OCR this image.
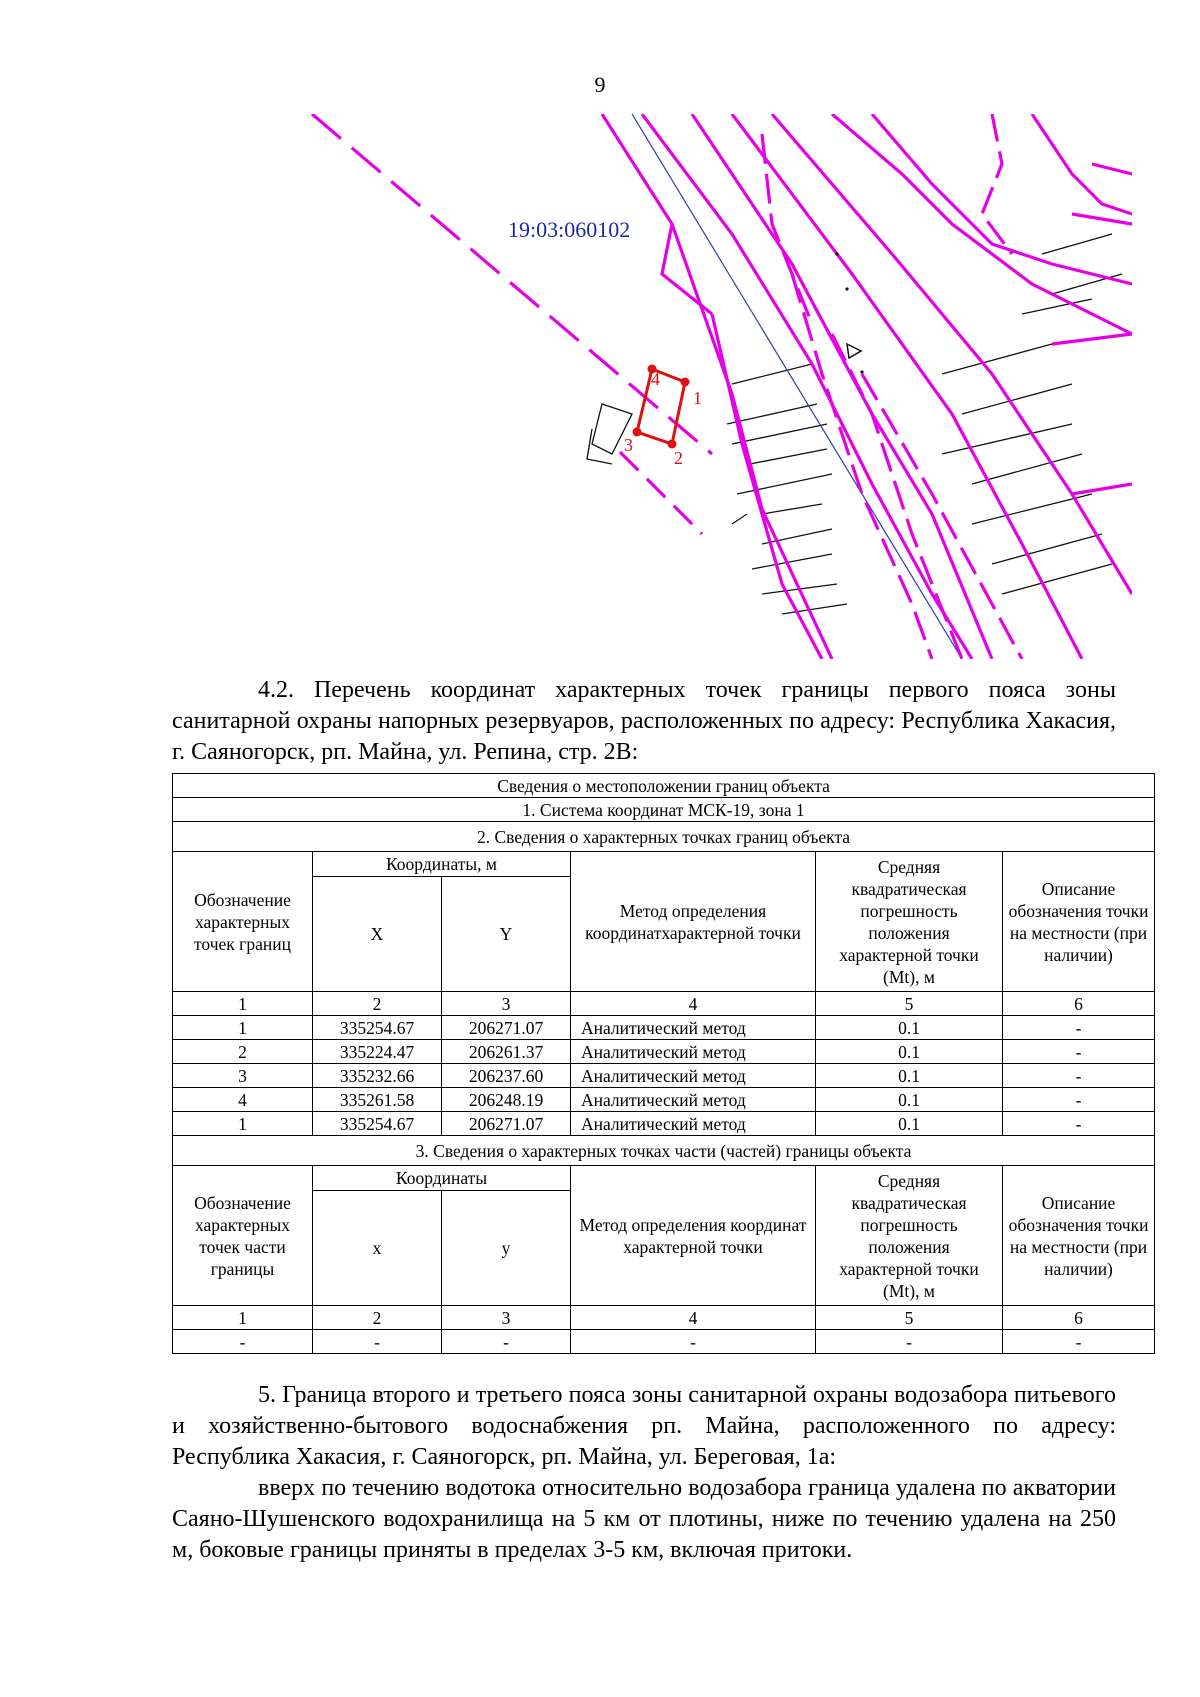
9
1
2
3
4
19:03:060102

4.2. Перечень координат характерных точек границы первого пояса зоны санитарной охраны напорных резервуаров, расположенных по адресу: Республика Хакасия, г. Саяногорск, рп. Майна, ул. Репина, стр. 2В:

Сведения о местоположении границ объекта					
1. Система координат МСК-19, зона 1					
2. Сведения о характерных точках границ объекта					
Обозначение характерных точек границ	Координаты, м		Метод определения координатхарактерной точки	Средняя квадратическая погрешность положения характерной точки (Mt), м	Описание обозначения точки на местности (при наличии)
	X	Y			
1	2	3	4	5	6
1	335254.67	206271.07	Аналитический метод	0.1	-
2	335224.47	206261.37	Аналитический метод	0.1	-
3	335232.66	206237.60	Аналитический метод	0.1	-
4	335261.58	206248.19	Аналитический метод	0.1	-
1	335254.67	206271.07	Аналитический метод	0.1	-
3. Сведения о характерных точках части (частей) границы объекта					
Обозначение характерных точек части границы	Координаты		Метод определения координат характерной точки	Средняя квадратическая погрешность положения характерной точки (Mt), м	Описание обозначения точки на местности (при наличии)
	x	y			
1	2	3	4	5	6
-	-	-	-	-	-

5. Граница второго и третьего пояса зоны санитарной охраны водозабора питьевого и хозяйственно-бытового водоснабжения рп. Майна, расположенного по адресу: Республика Хакасия, г. Саяногорск, рп. Майна, ул. Береговая, 1а:

вверх по течению водотока относительно водозабора граница удалена по акватории Саяно-Шушенского водохранилища на 5 км от плотины, ниже по течению удалена на 250 м, боковые границы приняты в пределах 3-5 км, включая притоки.
